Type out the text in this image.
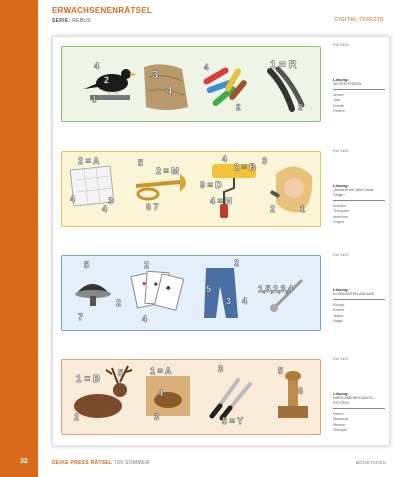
32
ERWACHSENENRÄTSEL
SERIE: REBUS	DIGITAL 769R22B
4
2	3
4
1 = R
4
2	2
1
KW 2425
Lösung:
ZEITEN ENDEN
Amsel
Jute
Kreide
Federn
2 = A
4	3
4
5
2 = M
6 7
4
2 = B
9 = D
4 = N
3
2	1
KW 2426
Lösung:
„Jemand mit 'Neid' nicht Dinge.“
Sudoku
Trompete
streichen
singen
♥ ♠
♣
5
7
2
4
2
5
2
3 4
1,5,2,3,4
KW 2423
Lösung:
KLEBKANTEN ANLAGE
Klingel
Karten
Jeans
Nagel
1 = B
2
5	1 = A
3
4
3
5 = Y
5
6
KW 2422
Lösung:
HIRSCHBEWEGUNGS-SYSTEM
Hirsch
Maulwurf
Messer
Stempel
DEIKE PRESS RÄTSEL 769 SOMMER	BOOKTAKES
